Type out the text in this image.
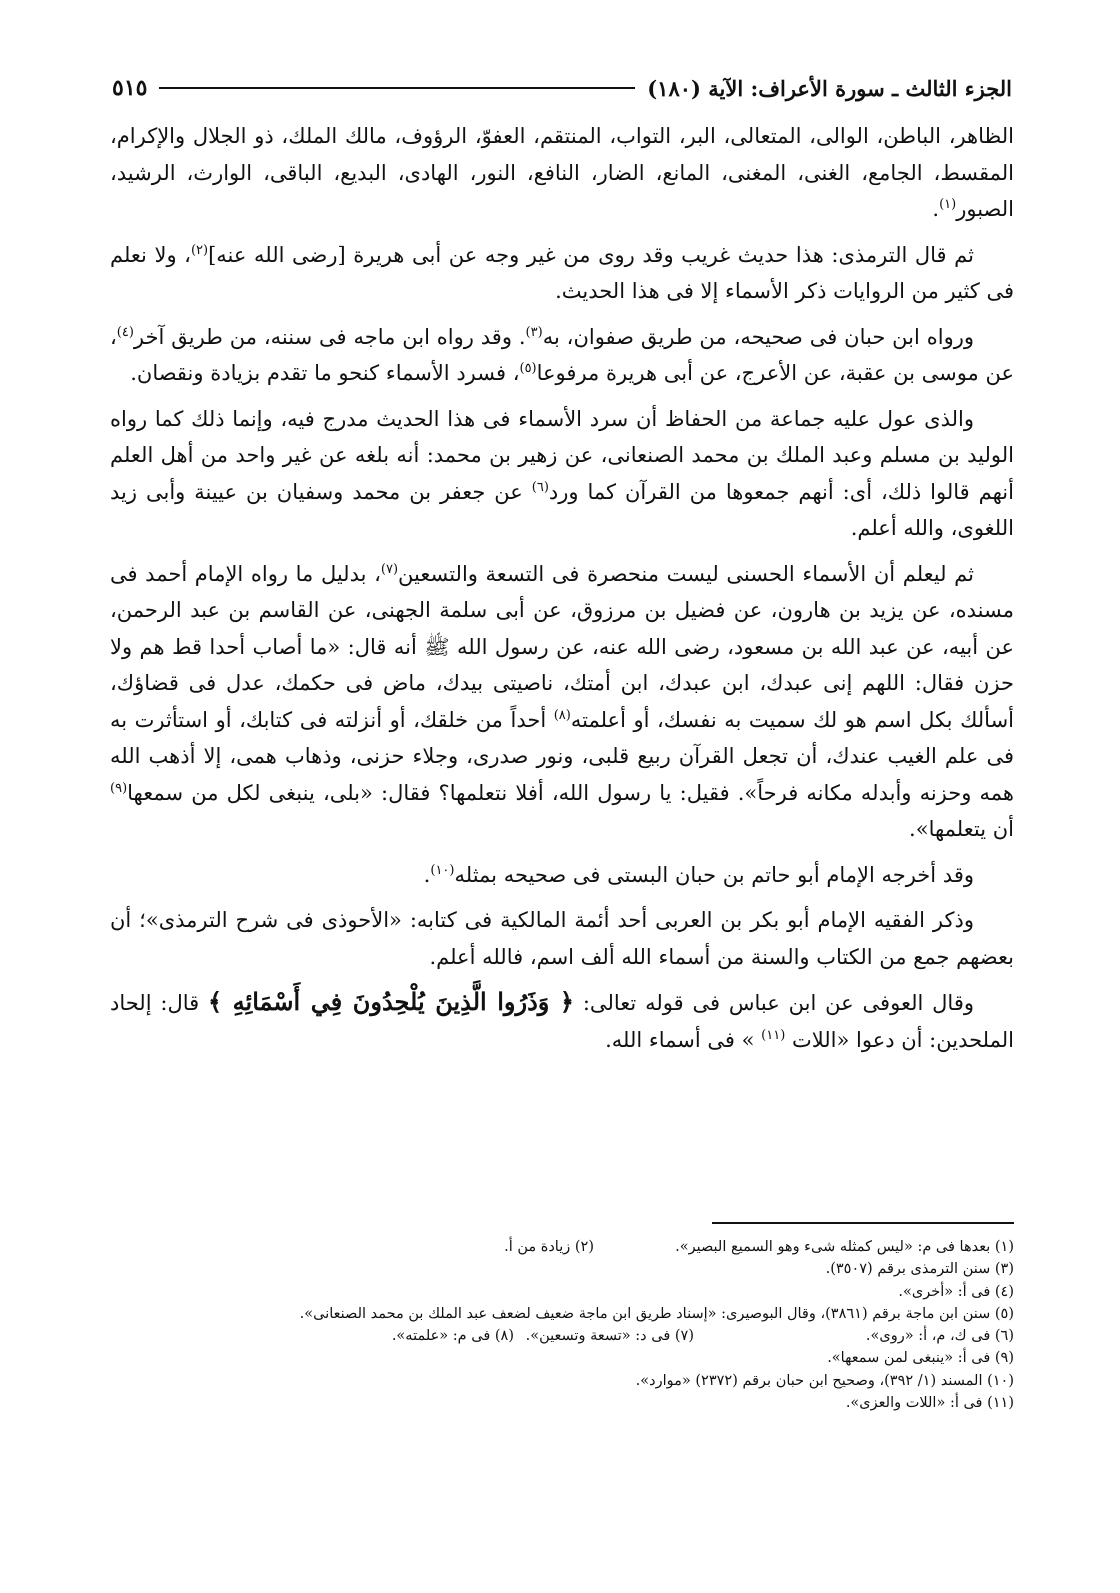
الجزء الثالث ـ سورة الأعراف: الآية (١٨٠)
٥١٥

الظاهر، الباطن، الوالى، المتعالى، البر، التواب، المنتقم، العفوّ، الرؤوف، مالك الملك، ذو الجلال والإكرام، المقسط، الجامع، الغنى، المغنى، المانع، الضار، النافع، النور، الهادى، البديع، الباقى، الوارث، الرشيد، الصبور$^{(١)}$.

ثم قال الترمذى: هذا حديث غريب وقد روى من غير وجه عن أبى هريرة [رضى الله عنه]$^{(٢)}$، ولا نعلم فى كثير من الروايات ذكر الأسماء إلا فى هذا الحديث.

ورواه ابن حبان فى صحيحه، من طريق صفوان، به$^{(٣)}$. وقد رواه ابن ماجه فى سننه، من طريق آخر$^{(٤)}$، عن موسى بن عقبة، عن الأعرج، عن أبى هريرة مرفوعا$^{(٥)}$، فسرد الأسماء كنحو ما تقدم بزيادة ونقصان.

والذى عول عليه جماعة من الحفاظ أن سرد الأسماء فى هذا الحديث مدرج فيه، وإنما ذلك كما رواه الوليد بن مسلم وعبد الملك بن محمد الصنعانى، عن زهير بن محمد: أنه بلغه عن غير واحد من أهل العلم أنهم قالوا ذلك، أى: أنهم جمعوها من القرآن كما ورد$^{(٦)}$ عن جعفر بن محمد وسفيان بن عيينة وأبى زيد اللغوى، والله أعلم.

ثم ليعلم أن الأسماء الحسنى ليست منحصرة فى التسعة والتسعين$^{(٧)}$، بدليل ما رواه الإمام أحمد فى مسنده، عن يزيد بن هارون، عن فضيل بن مرزوق، عن أبى سلمة الجهنى، عن القاسم بن عبد الرحمن، عن أبيه، عن عبد الله بن مسعود، رضى الله عنه، عن رسول الله ﷺ أنه قال: «ما أصاب أحدا قط هم ولا حزن فقال: اللهم إنى عبدك، ابن عبدك، ابن أمتك، ناصيتى بيدك، ماض فى حكمك، عدل فى قضاؤك، أسألك بكل اسم هو لك سميت به نفسك، أو أعلمته$^{(٨)}$ أحداً من خلقك، أو أنزلته فى كتابك، أو استأثرت به فى علم الغيب عندك، أن تجعل القرآن ربيع قلبى، ونور صدرى، وجلاء حزنى، وذهاب همى، إلا أذهب الله همه وحزنه وأبدله مكانه فرحاً». فقيل: يا رسول الله، أفلا نتعلمها؟ فقال: «بلى، ينبغى لكل من سمعها$^{(٩)}$ أن يتعلمها».

وقد أخرجه الإمام أبو حاتم بن حبان البستى فى صحيحه بمثله$^{(١٠)}$.

وذكر الفقيه الإمام أبو بكر بن العربى أحد أئمة المالكية فى كتابه: «الأحوذى فى شرح الترمذى»؛ أن بعضهم جمع من الكتاب والسنة من أسماء الله ألف اسم، فالله أعلم.

وقال العوفى عن ابن عباس فى قوله تعالى: ﴿ وَذَرُوا الَّذِينَ يُلْحِدُونَ فِي أَسْمَائِهِ ﴾ قال: إلحاد الملحدين: أن دعوا «اللات $^{(١١)}$ » فى أسماء الله.

(١) بعدها فى م: «ليس كمثله شىء وهو السميع البصير».
(٢) زيادة من أ.
(٣) سنن الترمذى برقم (٣٥٠٧).
(٤) فى أ: «أخرى».
(٥) سنن ابن ماجة برقم (٣٨٦١)، وقال البوصيرى: «إسناد طريق ابن ماجة ضعيف لضعف عبد الملك بن محمد الصنعانى».
(٦) فى ك، م، أ: «روى».
(٧) فى د: «تسعة وتسعين».
(٨) فى م: «علمته».
(٩) فى أ: «ينبغى لمن سمعها».
(١٠) المسند (١/ ٣٩٢)، وصحيح ابن حبان برقم (٢٣٧٢) «موارد».
(١١) فى أ: «اللات والعزى».
